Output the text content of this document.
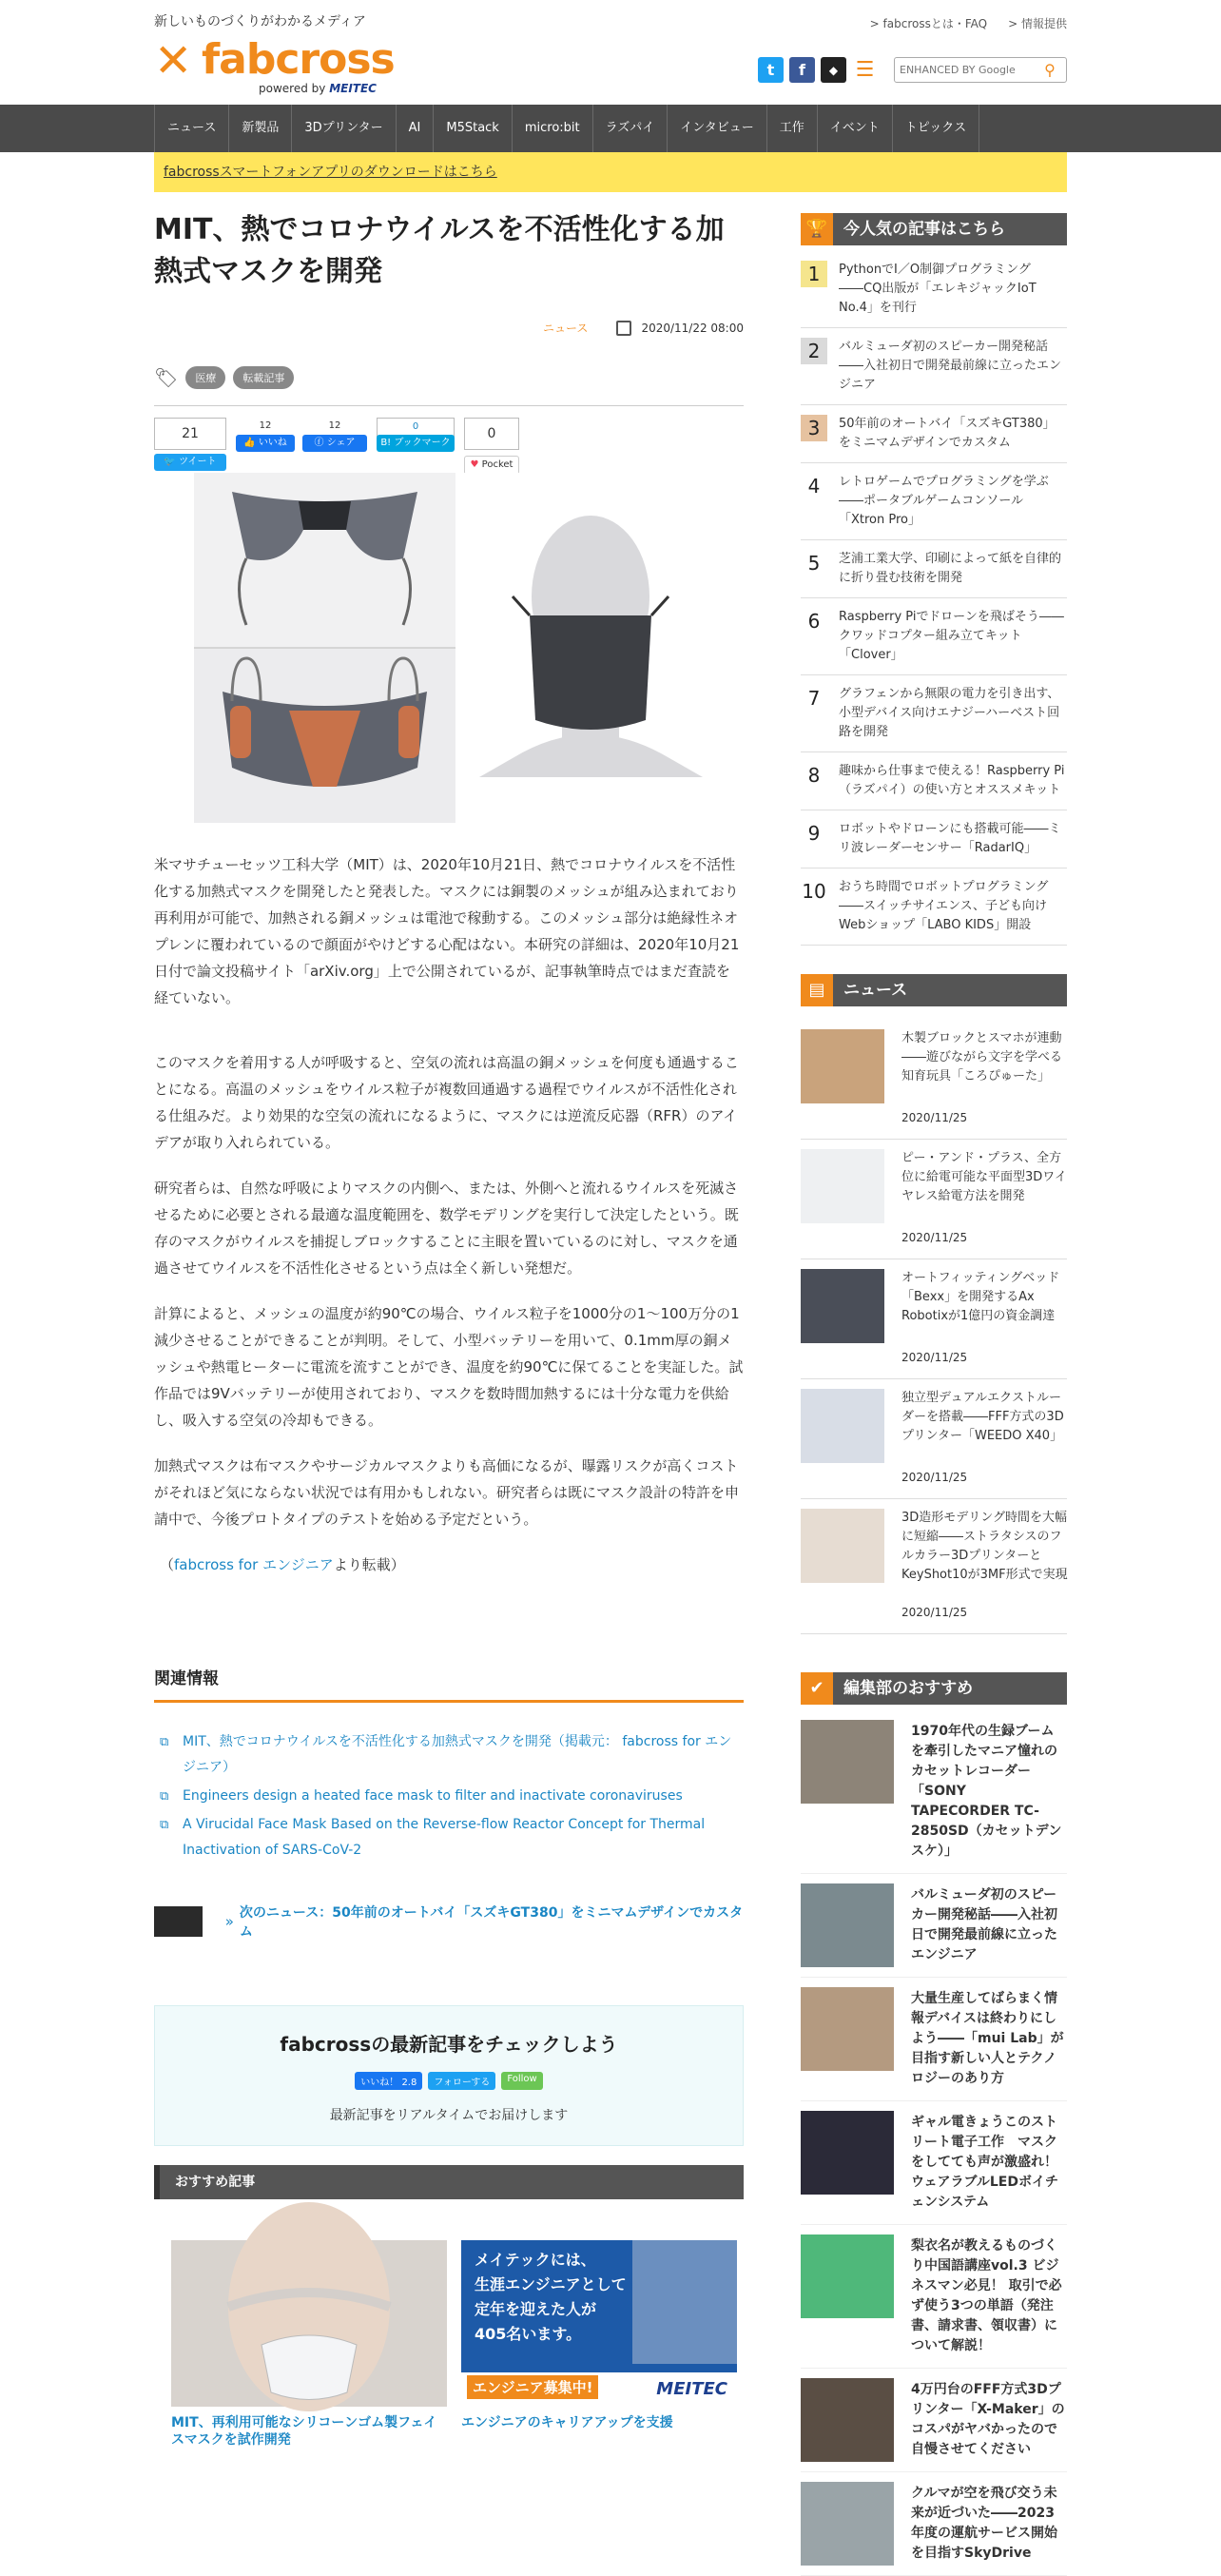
新しいものづくりがわかるメディア
✕ fabcross
powered by MEITEC
> fabcrossとは・FAQ	> 情報提供
t	f	◆ ☰
ENHANCED BY Google	⚲
ニュース	新製品	3Dプリンター	AI	M5Stack	micro:bit	ラズパイ	インタビュー	工作	イベント	トピックス
fabcrossスマートフォンアプリのダウンロードはこちら
MIT、熱でコロナウイルスを不活性化する加熱式マスクを開発
ニュース	2020/11/22 08:00
🏷	医療	転載記事
21
🐦 ツイート
12
👍 いいね
12
ⓕ シェア
0
B! ブックマーク
0
♥ Pocket

米マサチューセッツ工科大学（MIT）は、2020年10月21日、熱でコロナウイルスを不活性化する加熱式マスクを開発したと発表した。マスクには銅製のメッシュが組み込まれており再利用が可能で、加熱される銅メッシュは電池で稼動する。このメッシュ部分は絶縁性ネオプレンに覆われているので顔面がやけどする心配はない。本研究の詳細は、2020年10月21日付で論文投稿サイト「arXiv.org」上で公開されているが、記事執筆時点ではまだ査読を経ていない。

このマスクを着用する人が呼吸すると、空気の流れは高温の銅メッシュを何度も通過することになる。高温のメッシュをウイルス粒子が複数回通過する過程でウイルスが不活性化される仕組みだ。より効果的な空気の流れになるように、マスクには逆流反応器（RFR）のアイデアが取り入れられている。

研究者らは、自然な呼吸によりマスクの内側へ、または、外側へと流れるウイルスを死滅させるために必要とされる最適な温度範囲を、数学モデリングを実行して決定したという。既存のマスクがウイルスを捕捉しブロックすることに主眼を置いているのに対し、マスクを通過させてウイルスを不活性化させるという点は全く新しい発想だ。

計算によると、メッシュの温度が約90℃の場合、ウイルス粒子を1000分の1～100万分の1減少させることができることが判明。そして、小型バッテリーを用いて、0.1mm厚の銅メッシュや熱電ヒーターに電流を流すことができ、温度を約90℃に保てることを実証した。試作品では9Vバッテリーが使用されており、マスクを数時間加熱するには十分な電力を供給し、吸入する空気の冷却もできる。

加熱式マスクは布マスクやサージカルマスクよりも高価になるが、曝露リスクが高くコストがそれほど気にならない状況では有用かもしれない。研究者らは既にマスク設計の特許を申請中で、今後プロトタイプのテストを始める予定だという。

（fabcross for エンジニアより転載）

関連情報
⧉ MIT、熱でコロナウイルスを不活性化する加熱式マスクを開発（掲載元： fabcross for エンジニア）
⧉ Engineers design a heated face mask to filter and inactivate coronaviruses
⧉ A Virucidal Face Mask Based on the Reverse-flow Reactor Concept for Thermal Inactivation of SARS-CoV-2
» 次のニュース：50年前のオートバイ「スズキGT380」をミニマムデザインでカスタム
fabcrossの最新記事をチェックしよう
いいね！ 2.8	フォローする	Follow

最新記事をリアルタイムでお届けします

おすすめ記事
MIT、再利用可能なシリコーンゴム製フェイスマスクを試作開発
メイテックには、
生涯エンジニアとして
定年を迎えた人が
405名います。
エンジニア募集中!	MEITEC
エンジニアのキャリアアップを支援
🏆 今人気の記事はこちら
1	PythonでI／O制御プログラミング――CQ出版が「エレキジャックIoT No.4」を刊行
2	バルミューダ初のスピーカー開発秘話――入社初日で開発最前線に立ったエンジニア
3	50年前のオートバイ「スズキGT380」をミニマムデザインでカスタム
4	レトロゲームでプログラミングを学ぶ――ポータブルゲームコンソール「Xtron Pro」
5	芝浦工業大学、印刷によって紙を自律的に折り畳む技術を開発
6	Raspberry Piでドローンを飛ばそう――クワッドコプター組み立てキット「Clover」
7	グラフェンから無限の電力を引き出す、小型デバイス向けエナジーハーベスト回路を開発
8	趣味から仕事まで使える！Raspberry Pi（ラズパイ）の使い方とオススメキット
9	ロボットやドローンにも搭載可能――ミリ波レーダーセンサー「RadarIQ」
10 おうち時間でロボットプログラミング――スイッチサイエンス、子ども向けWebショップ「LABO KIDS」開設
▤	ニュース
木製ブロックとスマホが連動――遊びながら文字を学べる知育玩具「ころぴゅーた」
2020/11/25
ピー・アンド・プラス、全方位に給電可能な平面型3Dワイヤレス給電方法を開発
2020/11/25
オートフィッティングベッド「Bexx」を開発するAx Robotixが1億円の資金調達
2020/11/25
独立型デュアルエクストルーダーを搭載――FFF方式の3Dプリンター「WEEDO X40」
2020/11/25
3D造形モデリング時間を大幅に短縮――ストラタシスのフルカラー3Dプリンターと KeyShot10が3MF形式で実現
2020/11/25
✔	編集部のおすすめ
1970年代の生録ブームを牽引したマニア憧れのカセットレコーダー「SONY TAPECORDER TC-2850SD（カセットデンスケ）」
バルミューダ初のスピーカー開発秘話――入社初日で開発最前線に立ったエンジニア
大量生産してばらまく情報デバイスは終わりにしよう――「mui Lab」が目指す新しい人とテクノロジーのあり方
ギャル電きょうこのストリート電子工作　マスクをしてても声が激盛れ！ウェアラブルLEDボイチェンシステム
梨衣名が教えるものづくり中国語講座vol.3 ビジネスマン必見！ 取引で必ず使う3つの単語（発注書、請求書、領収書）について解説！
4万円台のFFF方式3Dプリンター「X-Maker」のコスパがヤバかったので自慢させてください
クルマが空を飛び交う未来が近づいた――2023年度の運航サービス開始を目指すSkyDrive
